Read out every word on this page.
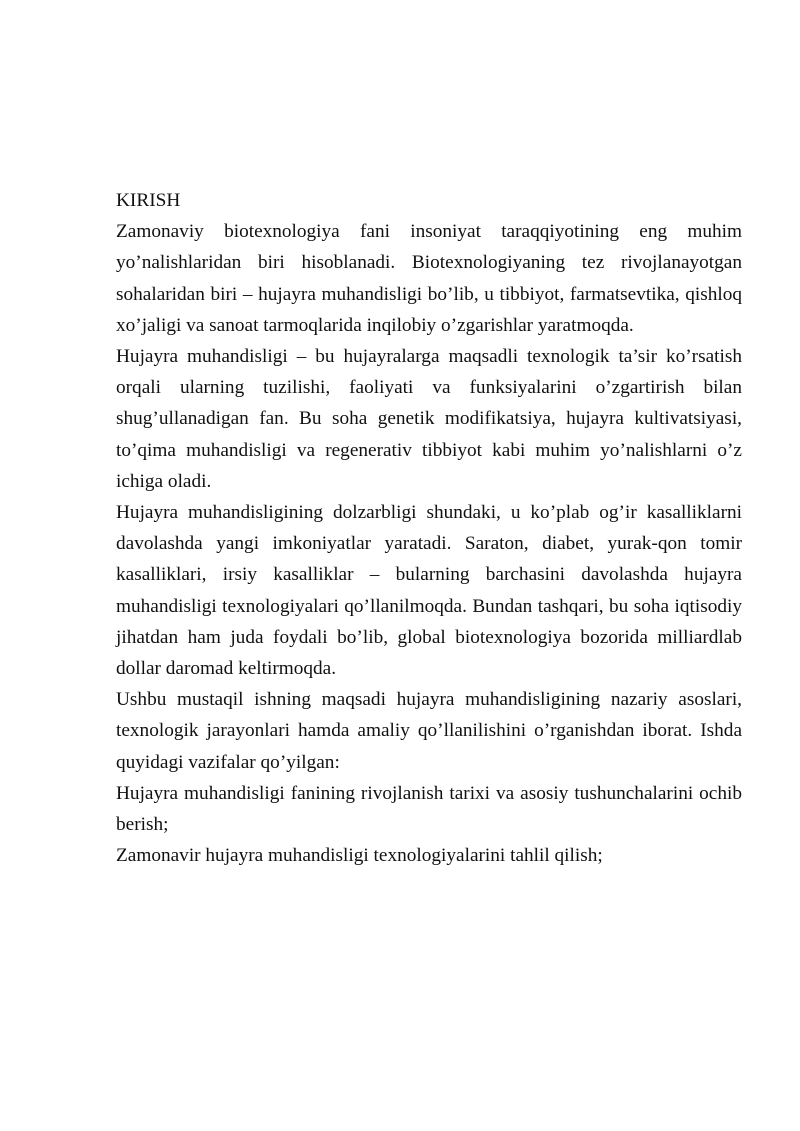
KIRISH

Zamonaviy biotexnologiya fani insoniyat taraqqiyotining eng muhim yo’nalishlaridan biri hisoblanadi. Biotexnologiyaning tez rivojlanayotgan sohalaridan biri – hujayra muhandisligi bo’lib, u tibbiyot, farmatsevtika, qishloq xo’jaligi va sanoat tarmoqlarida inqilobiy o’zgarishlar yaratmoqda.

Hujayra muhandisligi – bu hujayralarga maqsadli texnologik ta’sir ko’rsatish orqali ularning tuzilishi, faoliyati va funksiyalarini o’zgartirish bilan shug’ullanadigan fan. Bu soha genetik modifikatsiya, hujayra kultivatsiyasi, to’qima muhandisligi va regenerativ tibbiyot kabi muhim yo’nalishlarni o’z ichiga oladi.

Hujayra muhandisligining dolzarbligi shundaki, u ko’plab og’ir kasalliklarni davolashda yangi imkoniyatlar yaratadi. Saraton, diabet, yurak-qon tomir kasalliklari, irsiy kasalliklar – bularning barchasini davolashda hujayra muhandisligi texnologiyalari qo’llanilmoqda. Bundan tashqari, bu soha iqtisodiy jihatdan ham juda foydali bo’lib, global biotexnologiya bozorida milliardlab dollar daromad keltirmoqda.

Ushbu mustaqil ishning maqsadi hujayra muhandisligining nazariy asoslari, texnologik jarayonlari hamda amaliy qo’llanilishini o’rganishdan iborat. Ishda quyidagi vazifalar qo’yilgan:

Hujayra muhandisligi fanining rivojlanish tarixi va asosiy tushunchalarini ochib berish;

Zamonavir hujayra muhandisligi texnologiyalarini tahlil qilish;
